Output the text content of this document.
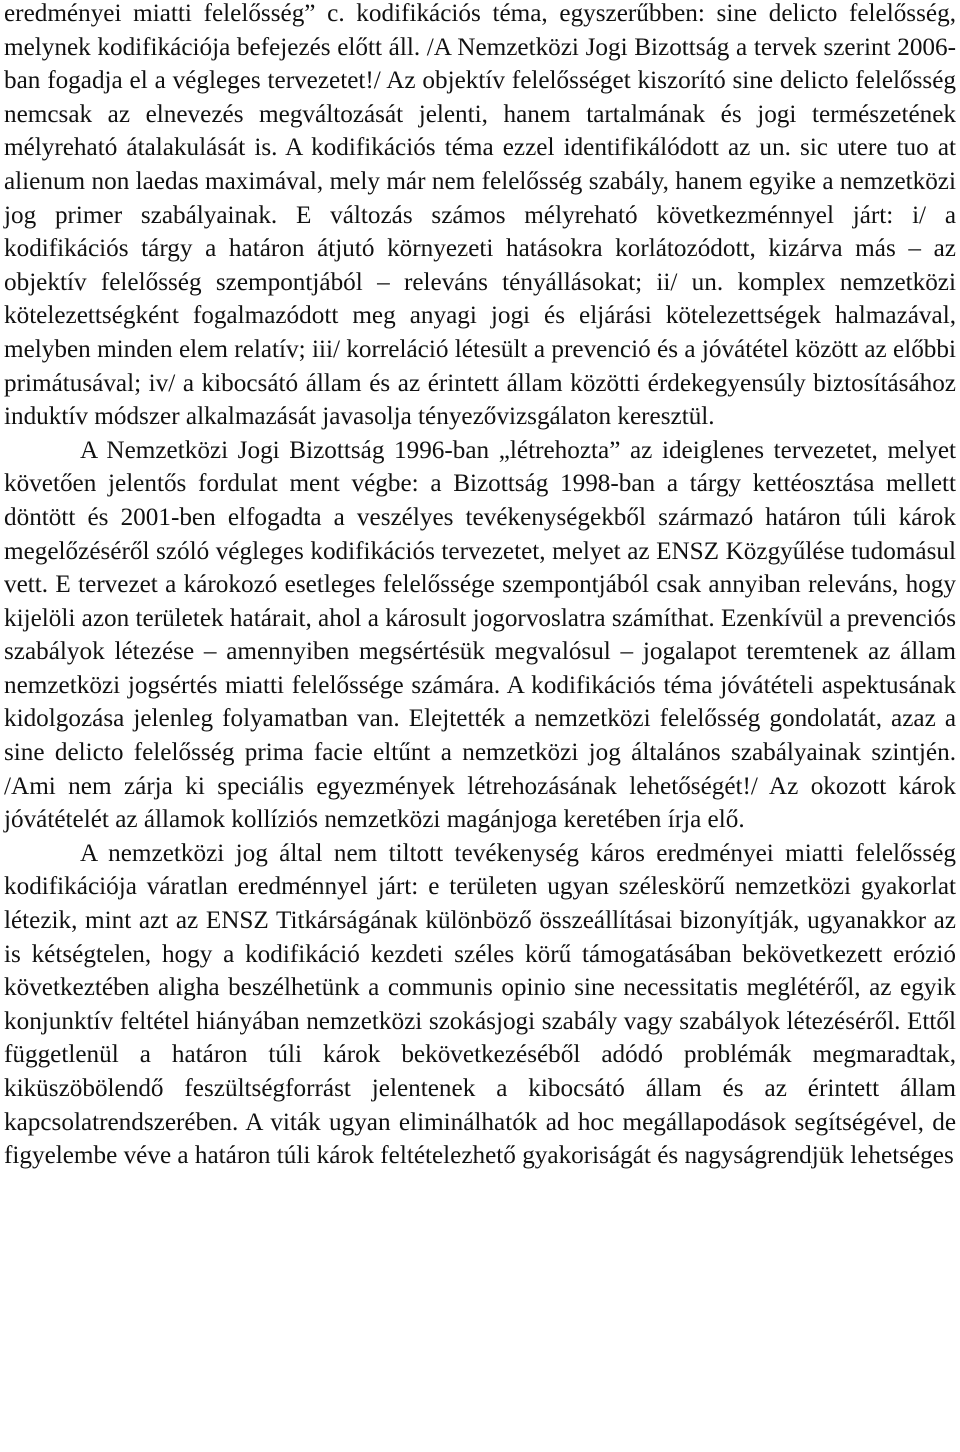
eredményei miatti felelősség” c. kodifikációs téma, egyszerűbben: sine delicto felelősség, melynek kodifikációja befejezés előtt áll. /A Nemzetközi Jogi Bizottság a tervek szerint 2006-ban fogadja el a végleges tervezetet!/ Az objektív felelősséget kiszorító sine delicto felelősség nemcsak az elnevezés megváltozását jelenti, hanem tartalmának és jogi természetének mélyreható átalakulását is. A kodifikációs téma ezzel identifikálódott az un. sic utere tuo at alienum non laedas maximával, mely már nem felelősség szabály, hanem egyike a nemzetközi jog primer szabályainak. E változás számos mélyreható következménnyel járt: i/ a kodifikációs tárgy a határon átjutó környezeti hatásokra korlátozódott, kizárva más – az objektív felelősség szempontjából – releváns tényállásokat; ii/ un. komplex nemzetközi kötelezettségként fogalmazódott meg anyagi jogi és eljárási kötelezettségek halmazával, melyben minden elem relatív; iii/ korreláció létesült a prevenció és a jóvátétel között az előbbi primátusával; iv/ a kibocsátó állam és az érintett állam közötti érdekegyensúly biztosításához induktív módszer alkalmazását javasolja tényezővizsgálaton keresztül.

A Nemzetközi Jogi Bizottság 1996-ban „létrehozta” az ideiglenes tervezetet, melyet követően jelentős fordulat ment végbe: a Bizottság 1998-ban a tárgy kettéosztása mellett döntött és 2001-ben elfogadta a veszélyes tevékenységekből származó határon túli károk megelőzéséről szóló végleges kodifikációs tervezetet, melyet az ENSZ Közgyűlése tudomásul vett. E tervezet a károkozó esetleges felelőssége szempontjából csak annyiban releváns, hogy kijelöli azon területek határait, ahol a károsult jogorvoslatra számíthat. Ezenkívül a prevenciós szabályok létezése – amennyiben megsértésük megvalósul – jogalapot teremtenek az állam nemzetközi jogsértés miatti felelőssége számára. A kodifikációs téma jóvátételi aspektusának kidolgozása jelenleg folyamatban van. Elejtették a nemzetközi felelősség gondolatát, azaz a sine delicto felelősség prima facie eltűnt a nemzetközi jog általános szabályainak szintjén. /Ami nem zárja ki speciális egyezmények létrehozásának lehetőségét!/ Az okozott károk jóvátételét az államok kollíziós nemzetközi magánjoga keretében írja elő.

A nemzetközi jog által nem tiltott tevékenység káros eredményei miatti felelősség kodifikációja váratlan eredménnyel járt: e területen ugyan széleskörű nemzetközi gyakorlat létezik, mint azt az ENSZ Titkárságának különböző összeállításai bizonyítják, ugyanakkor az is kétségtelen, hogy a kodifikáció kezdeti széles körű támogatásában bekövetkezett erózió következtében aligha beszélhetünk a communis opinio sine necessitatis meglétéről, az egyik konjunktív feltétel hiányában nemzetközi szokásjogi szabály vagy szabályok létezéséről. Ettől függetlenül a határon túli károk bekövetkezéséből adódó problémák megmaradtak, kiküszöbölendő feszültségforrást jelentenek a kibocsátó állam és az érintett állam kapcsolatrendszerében. A viták ugyan eliminálhatók ad hoc megállapodások segítségével, de figyelembe véve a határon túli károk feltételezhető gyakoriságát és nagyságrendjük lehetséges
